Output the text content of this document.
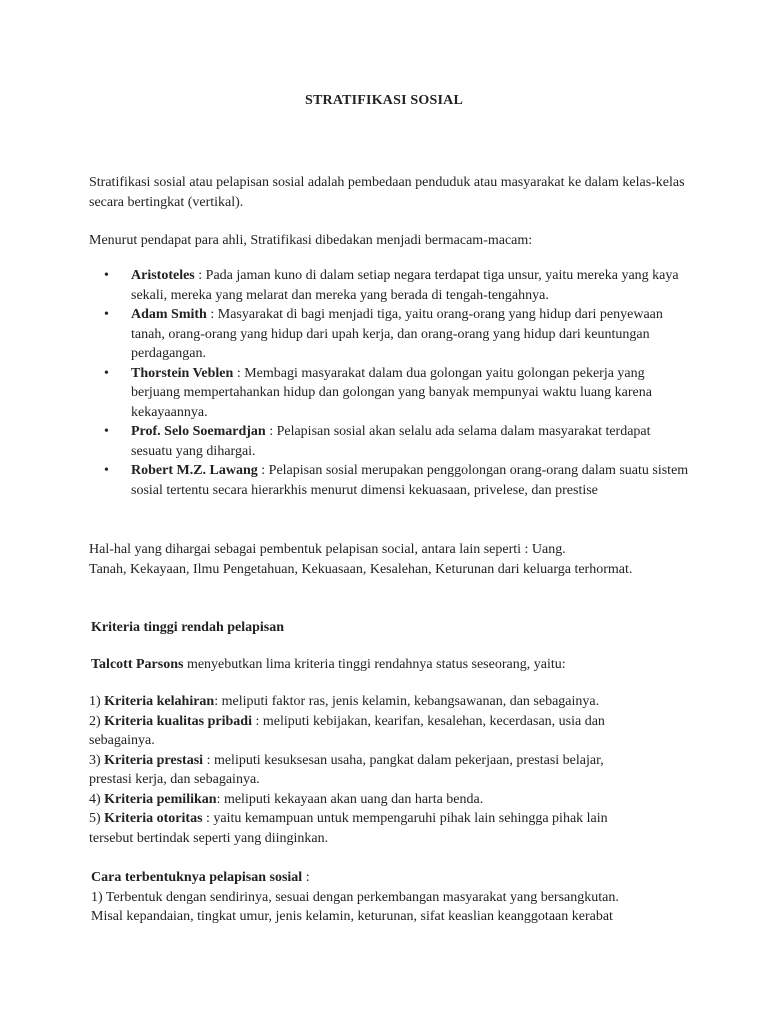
STRATIFIKASI SOSIAL
Stratifikasi sosial atau pelapisan sosial adalah pembedaan penduduk atau masyarakat ke dalam kelas-kelas secara bertingkat (vertikal).
Menurut pendapat para ahli, Stratifikasi dibedakan menjadi bermacam-macam:
• Aristoteles : Pada jaman kuno di dalam setiap negara terdapat tiga unsur, yaitu mereka yang kaya sekali, mereka yang melarat dan mereka yang berada di tengah-tengahnya.
• Adam Smith : Masyarakat di bagi menjadi tiga, yaitu orang-orang yang hidup dari penyewaan tanah, orang-orang yang hidup dari upah kerja, dan orang-orang yang hidup dari keuntungan perdagangan.
• Thorstein Veblen : Membagi masyarakat dalam dua golongan yaitu golongan pekerja yang berjuang mempertahankan hidup dan golongan yang banyak mempunyai waktu luang karena kekayaannya.
• Prof. Selo Soemardjan : Pelapisan sosial akan selalu ada selama dalam masyarakat terdapat sesuatu yang dihargai.
• Robert M.Z. Lawang : Pelapisan sosial merupakan penggolongan orang-orang dalam suatu sistem sosial tertentu secara hierarkhis menurut dimensi kekuasaan, privelese, dan prestise
Hal-hal yang dihargai sebagai pembentuk pelapisan social, antara lain seperti : Uang.
Tanah, Kekayaan, Ilmu Pengetahuan, Kekuasaan, Kesalehan, Keturunan dari keluarga terhormat.
Kriteria tinggi rendah pelapisan
Talcott Parsons menyebutkan lima kriteria tinggi rendahnya status seseorang, yaitu:
1) Kriteria kelahiran: meliputi faktor ras, jenis kelamin, kebangsawanan, dan sebagainya.
2) Kriteria kualitas pribadi : meliputi kebijakan, kearifan, kesalehan, kecerdasan, usia dan sebagainya.
3) Kriteria prestasi : meliputi kesuksesan usaha, pangkat dalam pekerjaan, prestasi belajar, prestasi kerja, dan sebagainya.
4) Kriteria pemilikan: meliputi kekayaan akan uang dan harta benda.
5) Kriteria otoritas : yaitu kemampuan untuk mempengaruhi pihak lain sehingga pihak lain tersebut bertindak seperti yang diinginkan.
Cara terbentuknya pelapisan sosial :
1) Terbentuk dengan sendirinya, sesuai dengan perkembangan masyarakat yang bersangkutan.
Misal kepandaian, tingkat umur, jenis kelamin, keturunan, sifat keaslian keanggotaan kerabat
